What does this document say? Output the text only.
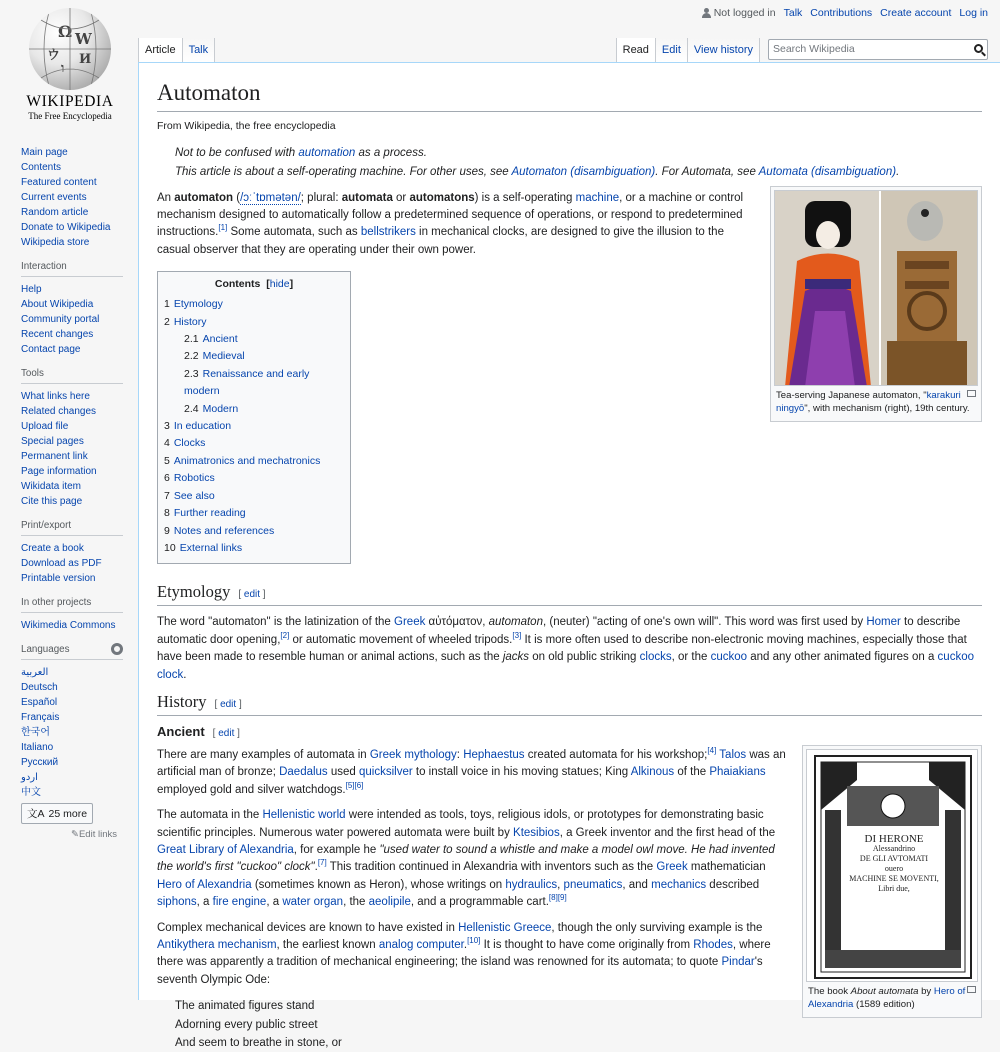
Not logged in Talk Contributions Create account Log in
Ω W
ウ И
ו
WIKIPEDIA
The Free Encyclopedia
Main page
Contents
Featured content
Current events
Random article
Donate to Wikipedia
Wikipedia store
Interaction
Help
About Wikipedia
Community portal
Recent changes
Contact page
Tools
What links here
Related changes
Upload file
Special pages
Permanent link
Page information
Wikidata item
Cite this page
Print/export
Create a book
Download as PDF
Printable version
In other projects
Wikimedia Commons
Languages
العربية
Deutsch
Español
Français
한국어
Italiano
Русский
اردو
中文
文A 25 more
✎Edit links
Article	Talk	Read	Edit	View history	Search Wikipedia
Automaton
From Wikipedia, the free encyclopedia
Not to be confused with automation as a process.
This article is about a self-operating machine. For other uses, see Automaton (disambiguation). For Automata, see Automata (disambiguation).
Tea-serving Japanese automaton, "karakuri ningyō", with mechanism (right), 19th century.

An automaton (/ɔːˈtɒmətən/; plural: automata or automatons) is a self-operating machine, or a machine or control mechanism designed to automatically follow a predetermined sequence of operations, or respond to predetermined instructions.[1] Some automata, such as bellstrikers in mechanical clocks, are designed to give the illusion to the casual observer that they are operating under their own power.

Contents  [hide]
1 Etymology
2 History
2.1 Ancient
2.2 Medieval
2.3 Renaissance and early modern
2.4 Modern
3 In education
4 Clocks
5 Animatronics and mechatronics
6 Robotics
7 See also
8 Further reading
9 Notes and references
10 External links
Etymology [ edit ]

The word "automaton" is the latinization of the Greek αὐτόματον, automaton, (neuter) "acting of one's own will". This word was first used by Homer to describe automatic door opening,[2] or automatic movement of wheeled tripods.[3] It is more often used to describe non-electronic moving machines, especially those that have been made to resemble human or animal actions, such as the jacks on old public striking clocks, or the cuckoo and any other animated figures on a cuckoo clock.

History [ edit ]
Ancient [ edit ]
DI HERONE
Alessandrino
DE GLI AVTOMATI
ouero
MACHINE SE MOVENTI,
Libri due,
The book About automata by Hero of Alexandria (1589 edition)

There are many examples of automata in Greek mythology: Hephaestus created automata for his workshop;[4] Talos was an artificial man of bronze; Daedalus used quicksilver to install voice in his moving statues; King Alkinous of the Phaiakians employed gold and silver watchdogs.[5][6]

The automata in the Hellenistic world were intended as tools, toys, religious idols, or prototypes for demonstrating basic scientific principles. Numerous water powered automata were built by Ktesibios, a Greek inventor and the first head of the Great Library of Alexandria, for example he "used water to sound a whistle and make a model owl move. He had invented the world's first "cuckoo" clock".[7] This tradition continued in Alexandria with inventors such as the Greek mathematician Hero of Alexandria (sometimes known as Heron), whose writings on hydraulics, pneumatics, and mechanics described siphons, a fire engine, a water organ, the aeolipile, and a programmable cart.[8][9]

Complex mechanical devices are known to have existed in Hellenistic Greece, though the only surviving example is the Antikythera mechanism, the earliest known analog computer.[10] It is thought to have come originally from Rhodes, where there was apparently a tradition of mechanical engineering; the island was renowned for its automata; to quote Pindar's seventh Olympic Ode:

The animated figures stand
Adorning every public street
And seem to breathe in stone, or
